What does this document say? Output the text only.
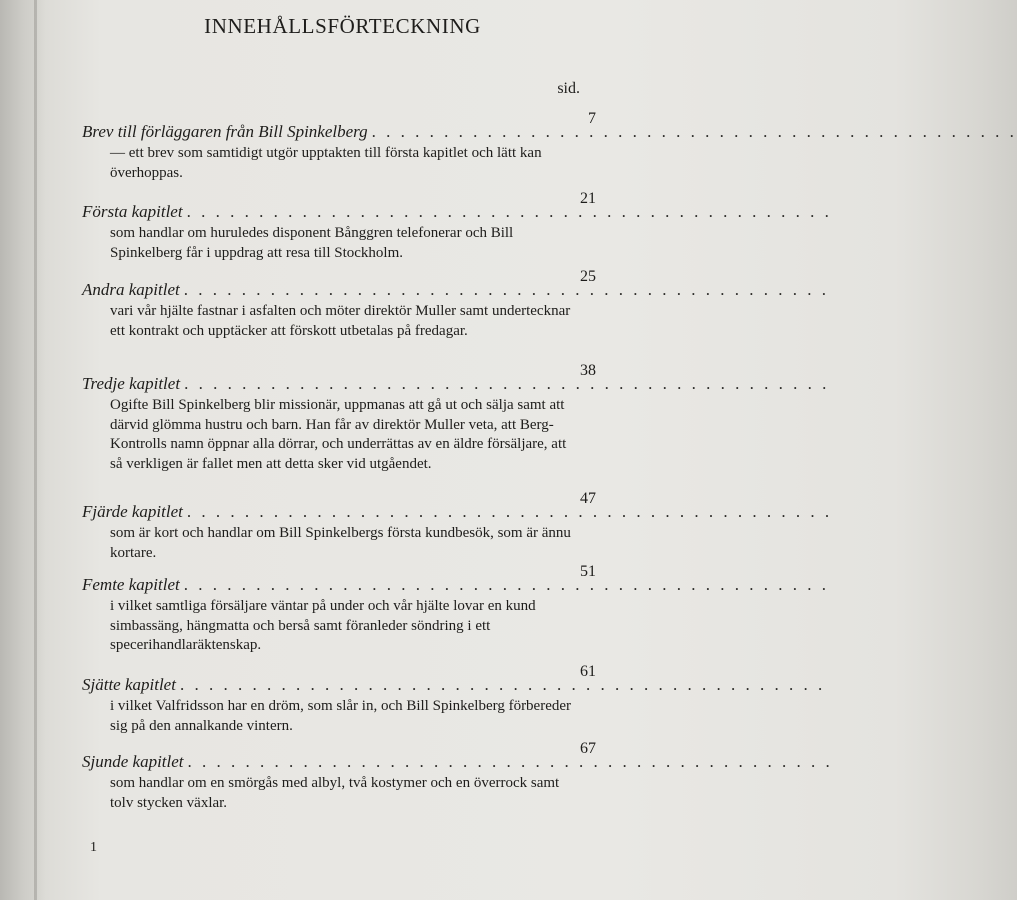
INNEHÅLLSFÖRTECKNING
sid.
7
Brev till förläggaren från Bill Spinkelberg . . . . . . . . . . . . . . . . . . . . . . . . . . . . . . . . . . . . . . . . . . . . .
— ett brev som samtidigt utgör upptakten till första kapitlet och lätt kan överhoppas.
21
Första kapitlet . . . . . . . . . . . . . . . . . . . . . . . . . . . . . . . . . . . . . . . . . . . . .
som handlar om huruledes disponent Bånggren telefonerar och Bill Spinkelberg får i uppdrag att resa till Stockholm.
25
Andra kapitlet . . . . . . . . . . . . . . . . . . . . . . . . . . . . . . . . . . . . . . . . . . . . .
vari vår hjälte fastnar i asfalten och möter direktör Muller samt undertecknar ett kontrakt och upptäcker att förskott utbetalas på fredagar.
38
Tredje kapitlet . . . . . . . . . . . . . . . . . . . . . . . . . . . . . . . . . . . . . . . . . . . . .
Ogifte Bill Spinkelberg blir missionär, uppmanas att gå ut och sälja samt att därvid glömma hustru och barn. Han får av direktör Muller veta, att Berg-Kontrolls namn öppnar alla dörrar, och underrättas av en äldre försäljare, att så verkligen är fallet men att detta sker vid utgåendet.
47
Fjärde kapitlet . . . . . . . . . . . . . . . . . . . . . . . . . . . . . . . . . . . . . . . . . . . . .
som är kort och handlar om Bill Spinkelbergs första kundbesök, som är ännu kortare.
51
Femte kapitlet . . . . . . . . . . . . . . . . . . . . . . . . . . . . . . . . . . . . . . . . . . . . .
i vilket samtliga försäljare väntar på under och vår hjälte lovar en kund simbassäng, hängmatta och berså samt föranleder söndring i ett specerihandlaräktenskap.
61
Sjätte kapitlet . . . . . . . . . . . . . . . . . . . . . . . . . . . . . . . . . . . . . . . . . . . . .
i vilket Valfridsson har en dröm, som slår in, och Bill Spinkelberg förbereder sig på den annalkande vintern.
67
Sjunde kapitlet . . . . . . . . . . . . . . . . . . . . . . . . . . . . . . . . . . . . . . . . . . . . .
som handlar om en smörgås med albyl, två kostymer och en överrock samt tolv stycken växlar.
1
